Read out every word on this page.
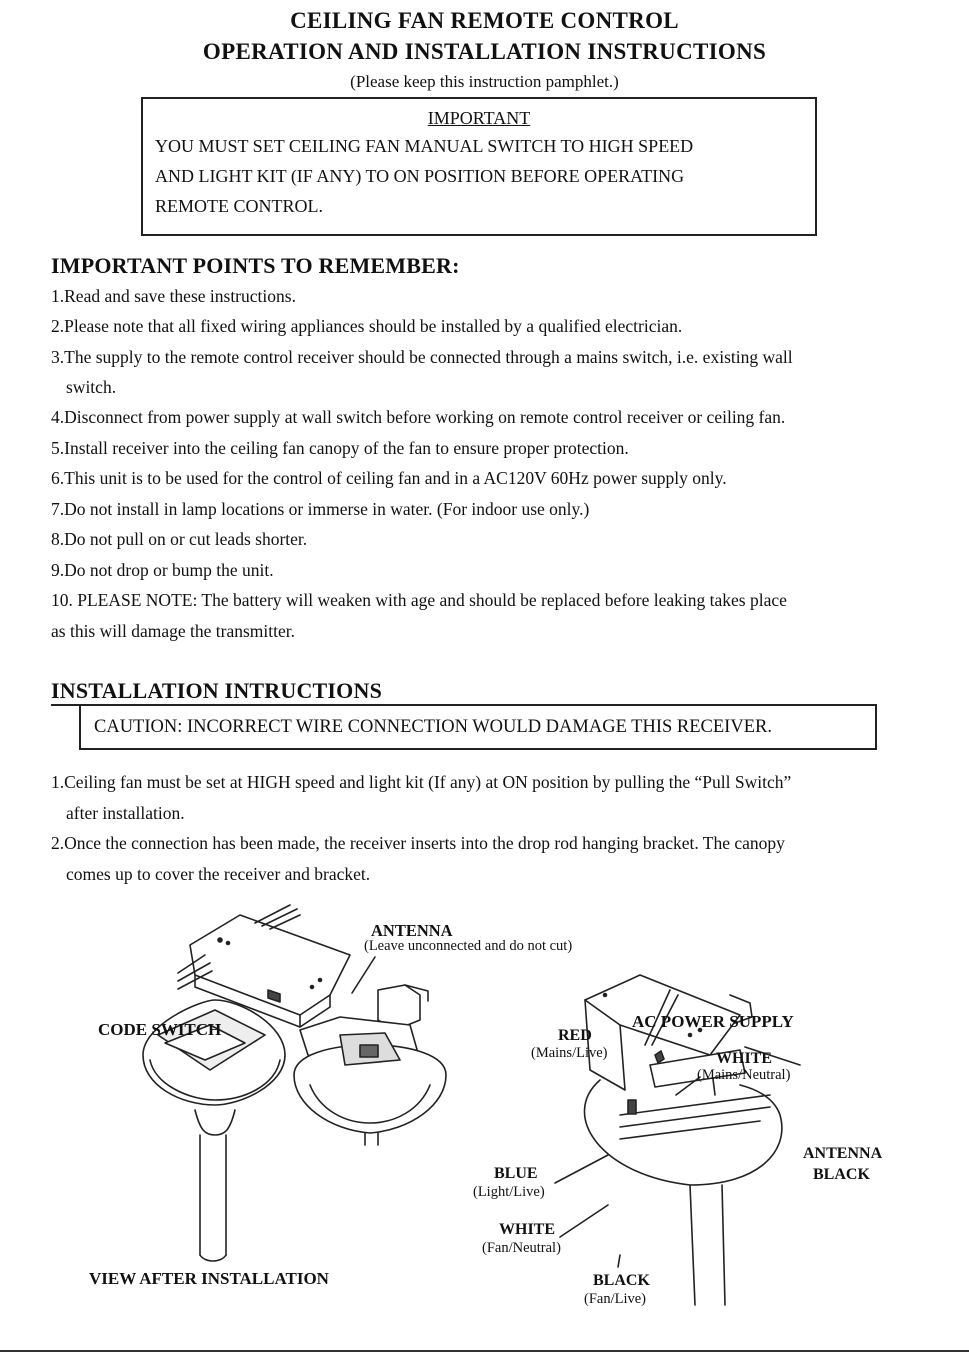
CEILING FAN REMOTE CONTROL
OPERATION AND INSTALLATION INSTRUCTIONS
(Please keep this instruction pamphlet.)
IMPORTANT
YOU MUST SET CEILING FAN MANUAL SWITCH TO HIGH SPEED
AND LIGHT KIT (IF ANY) TO ON POSITION BEFORE OPERATING
REMOTE CONTROL.
IMPORTANT POINTS TO REMEMBER:
1.Read and save these instructions.
2.Please note that all fixed wiring appliances should be installed by a qualified electrician.
3.The supply to the remote control receiver should be connected through a mains switch, i.e. existing wall
switch.
4.Disconnect from power supply at wall switch before working on remote control receiver or ceiling fan.
5.Install receiver into the ceiling fan canopy of the fan to ensure proper protection.
6.This unit is to be used for the control of ceiling fan and in a AC120V 60Hz power supply only.
7.Do not install in lamp locations or immerse in water. (For indoor use only.)
8.Do not pull on or cut leads shorter.
9.Do not drop or bump the unit.
10. PLEASE NOTE: The battery will weaken with age and should be replaced before leaking takes place
as this will damage the transmitter.
INSTALLATION INTRUCTIONS
CAUTION: INCORRECT WIRE CONNECTION WOULD DAMAGE THIS RECEIVER.
1.Ceiling fan must be set at HIGH speed and light kit (If any) at ON position by pulling the “Pull Switch”
after installation.
2.Once the connection has been made, the receiver inserts into the drop rod hanging bracket. The canopy
comes up to cover the receiver and bracket.
ANTENNA
(Leave unconnected and do not cut)
CODE SWITCH
VIEW AFTER INSTALLATION
AC POWER SUPPLY
RED
(Mains/Live)	WHITE
(Mains/Neutral)
ANTENNA
BLACK
BLUE
(Light/Live)
WHITE
(Fan/Neutral)
BLACK
(Fan/Live)
